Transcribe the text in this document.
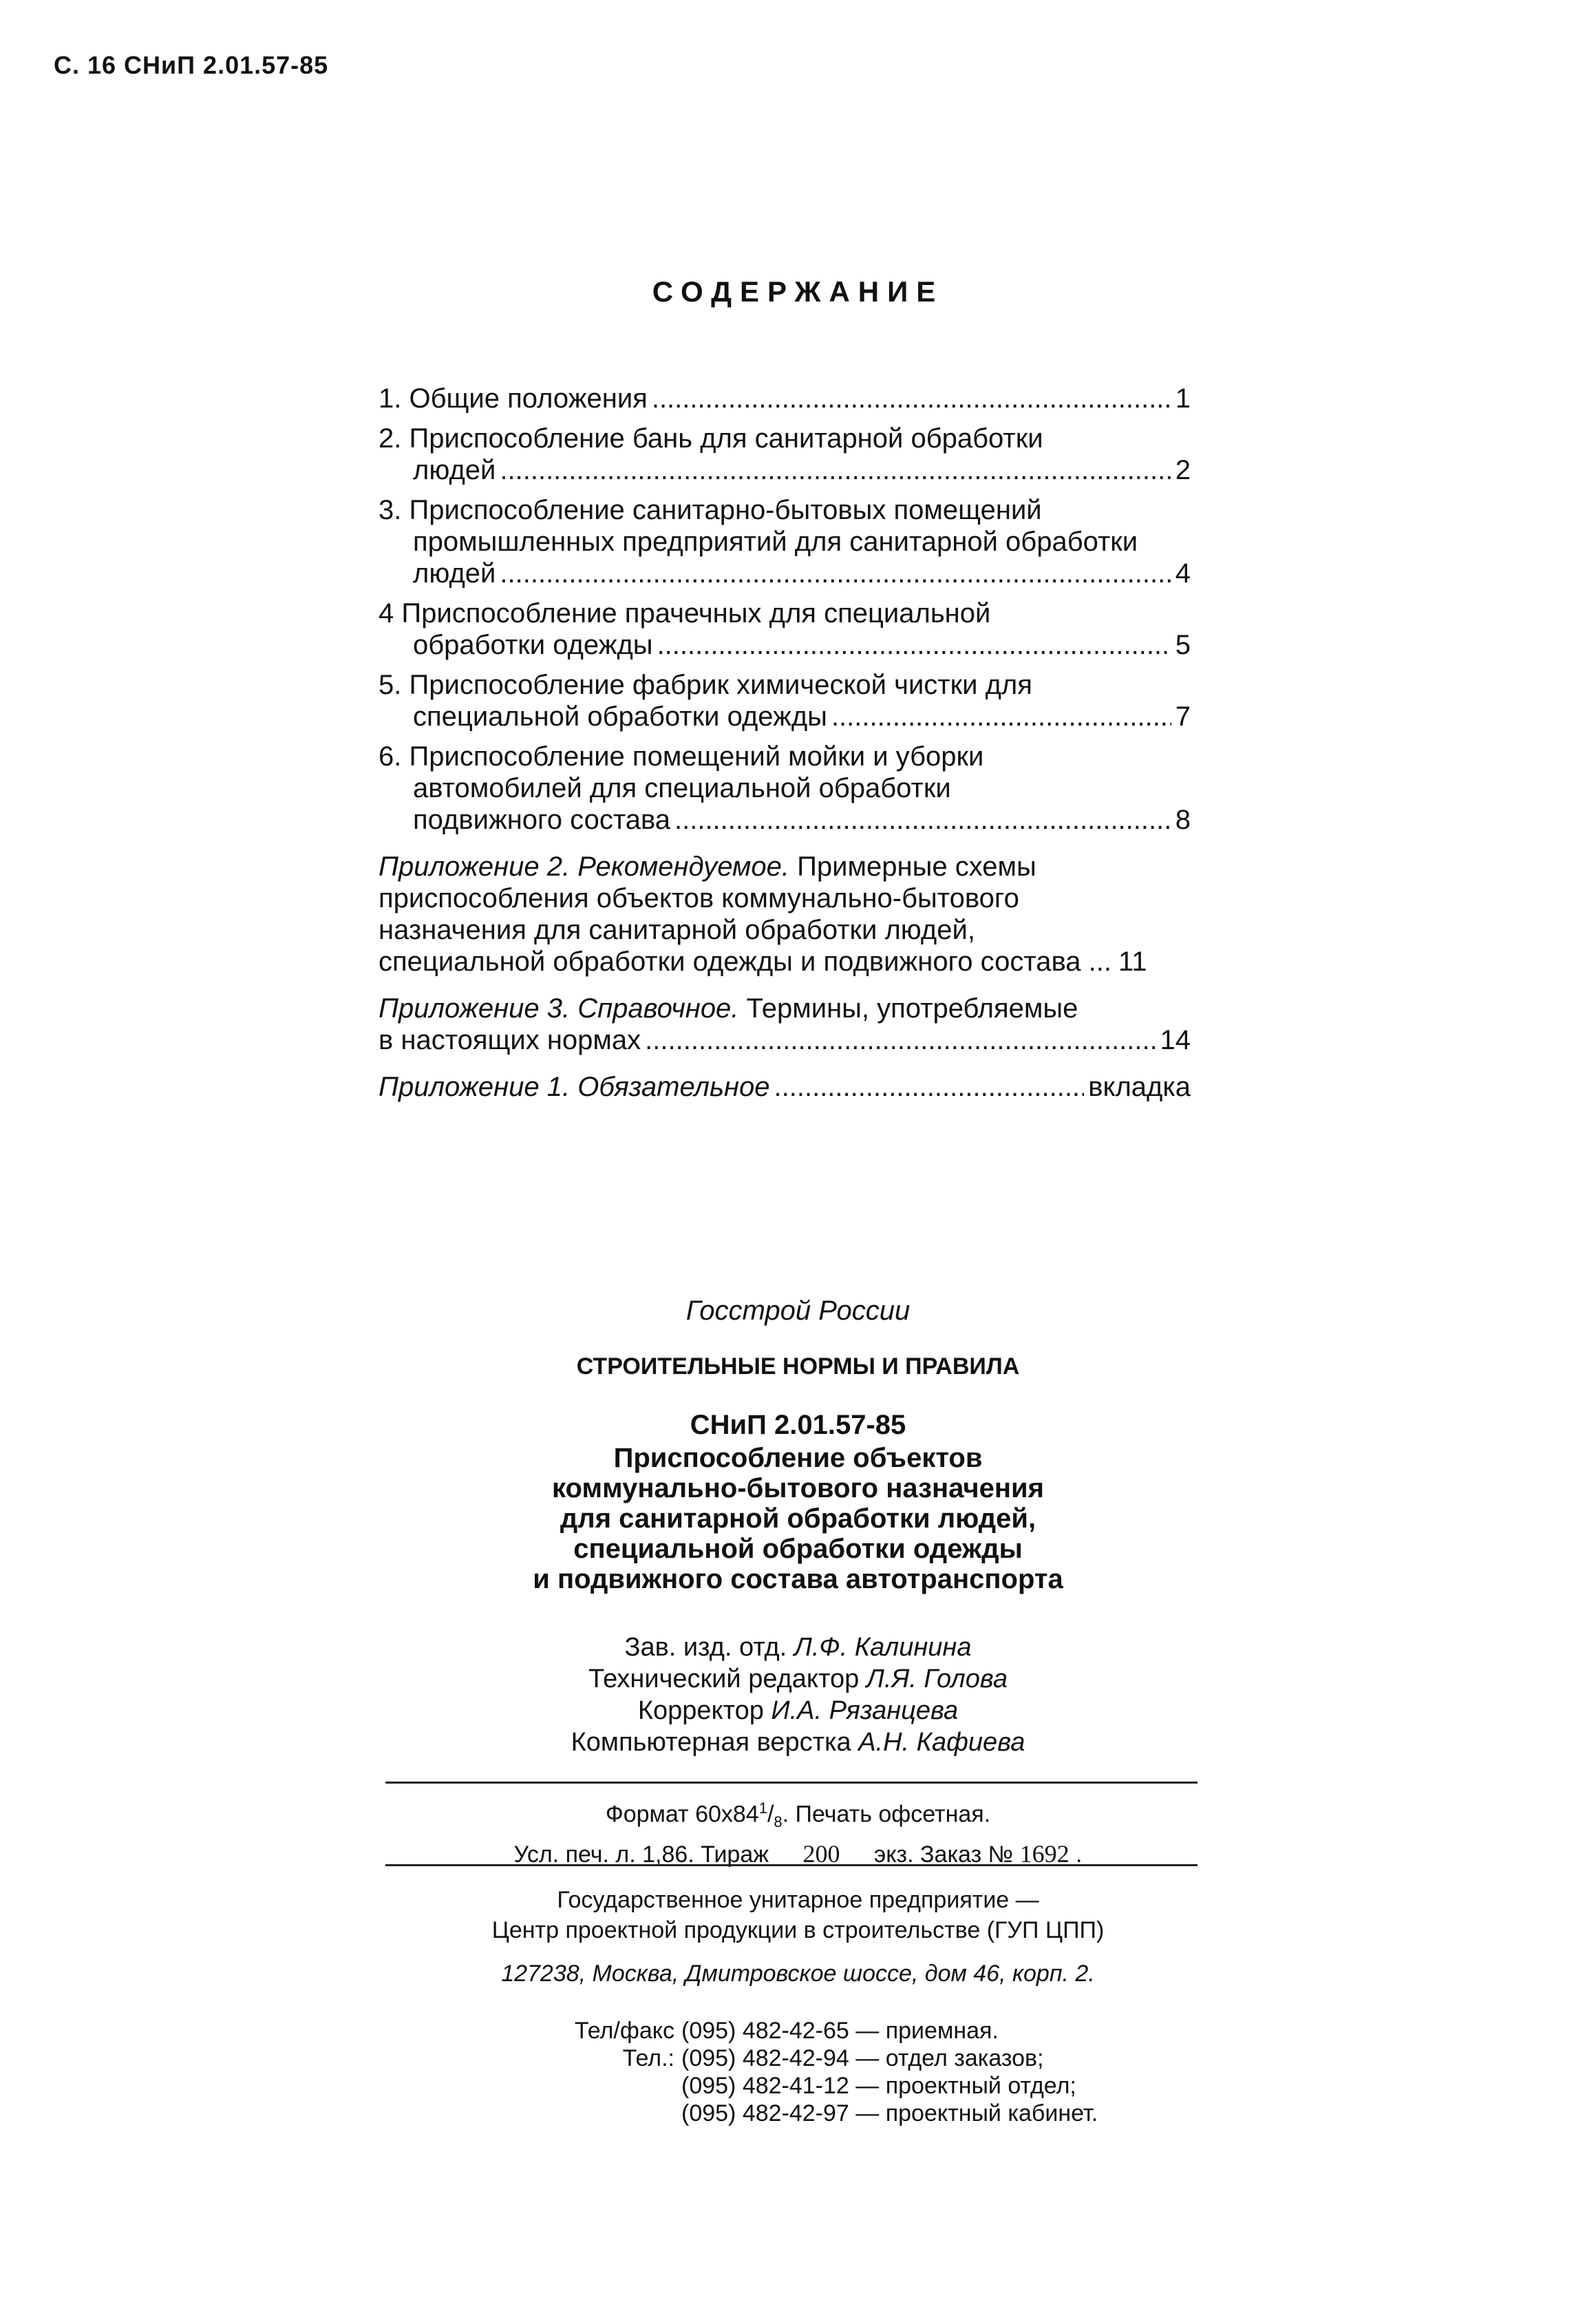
С. 16 СНиП 2.01.57-85
СОДЕРЖАНИЕ
1. Общие положения .....	1
2. Приспособление бань для санитарной обработки
людей .....	2
3. Приспособление санитарно-бытовых помещений
промышленных предприятий для санитарной обработки
людей .....	4
4 Приспособление прачечных для специальной
обработки одежды .....	5
5. Приспособление фабрик химической чистки для
специальной обработки одежды .....	7
6. Приспособление помещений мойки и уборки
автомобилей для специальной обработки
подвижного состава .....	8
Приложение 2. Рекомендуемое. Примерные схемы
приспособления объектов коммунально-бытового
назначения для санитарной обработки людей,
специальной обработки одежды и подвижного состава ... 11
Приложение 3. Справочное. Термины, употребляемые
в настоящих нормах .....	14
Приложение 1. Обязательное .....	вкладка
Госстрой России
СТРОИТЕЛЬНЫЕ НОРМЫ И ПРАВИЛА
СНиП 2.01.57-85
Приспособление объектов
коммунально-бытового назначения
для санитарной обработки людей,
специальной обработки одежды
и подвижного состава автотранспорта
Зав. изд. отд. Л.Ф. Калинина
Технический редактор Л.Я. Голова
Корректор И.А. Рязанцева
Компьютерная верстка А.Н. Кафиева
Формат $60х84^1/_8$. Печать офсетная.
Усл. печ. л. 1,86. Тираж 200 экз. Заказ № 1692 .
Государственное унитарное предприятие —
Центр проектной продукции в строительстве (ГУП ЦПП)
127238, Москва, Дмитровское шоссе, дом 46, корп. 2.
Тел/факс (095) 482-42-65 — приемная.
Тел.: (095) 482-42-94 — отдел заказов;
(095) 482-41-12 — проектный отдел;
(095) 482-42-97 — проектный кабинет.
